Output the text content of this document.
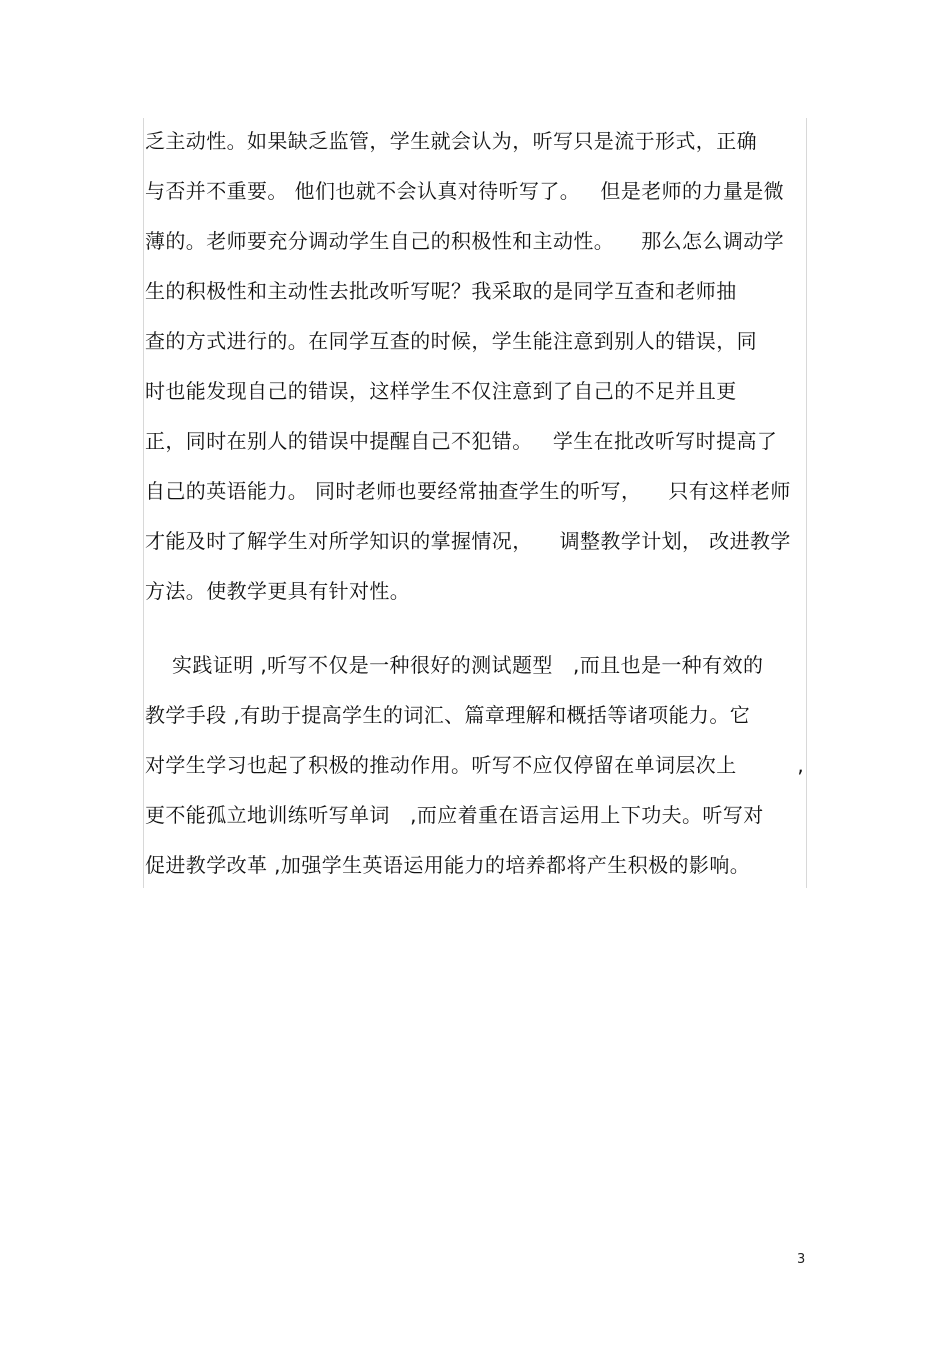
乏主动性。如果缺乏监管，学生就会认为，听写只是流于形式，正确

与否并不重要。 他们也就不会认真对待听写了。   但是老师的力量是微

薄的。老师要充分调动学生自己的积极性和主动性。    那么怎么调动学

生的积极性和主动性去批改听写呢？我采取的是同学互查和老师抽

查的方式进行的。在同学互查的时候，学生能注意到别人的错误，同

时也能发现自己的错误，这样学生不仅注意到了自己的不足并且更

正，同时在别人的错误中提醒自己不犯错。   学生在批改听写时提高了

自己的英语能力。 同时老师也要经常抽查学生的听写，    只有这样老师

才能及时了解学生对所学知识的掌握情况，    调整教学计划， 改进教学

方法。使教学更具有针对性。

实践证明 ,听写不仅是一种很好的测试题型   ,而且也是一种有效的

教学手段 ,有助于提高学生的词汇、篇章理解和概括等诸项能力。它

对学生学习也起了积极的推动作用。听写不应仅停留在单词层次上         ,

更不能孤立地训练听写单词   ,而应着重在语言运用上下功夫。听写对

促进教学改革 ,加强学生英语运用能力的培养都将产生积极的影响。

3
